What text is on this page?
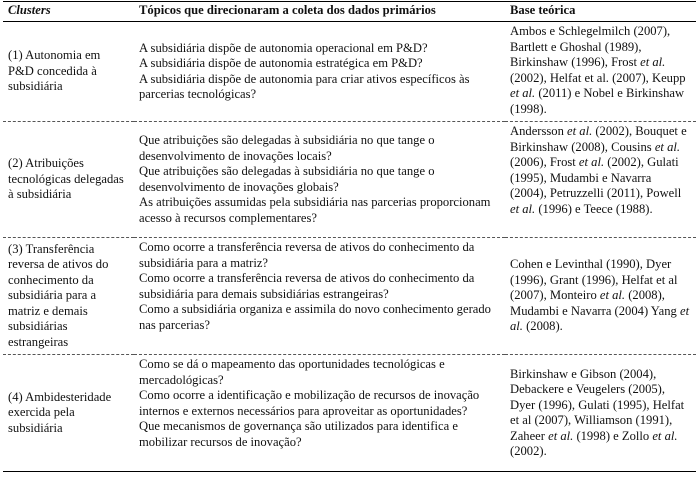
Clusters	Tópicos que direcionaram a coleta dos dados primários	Base teórica
(1) Autonomia em P&D concedida à subsidiária	A subsidiária dispõe de autonomia operacional em P&D?

A subsidiária dispõe de autonomia estratégica em P&D?

A subsidiária dispõe de autonomia para criar ativos específicos às parcerias tecnológicas?	Ambos e Schlegelmilch (2007), Bartlett e Ghoshal (1989), Birkinshaw (1996), Frost et al. (2002), Helfat et al. (2007), Keupp et al. (2011) e Nobel e Birkinshaw (1998).
(2) Atribuições tecnológicas delegadas à subsidiária	Que atribuições são delegadas à subsidiária no que tange o desenvolvimento de inovações locais?

Que atribuições são delegadas à subsidiária no que tange o desenvolvimento de inovações globais?

As atribuições assumidas pela subsidiária nas parcerias proporcionam acesso à recursos complementares?	Andersson et al. (2002), Bouquet e Birkinshaw (2008), Cousins et al. (2006), Frost et al. (2002), Gulati (1995), Mudambi e Navarra (2004), Petruzzelli (2011), Powell et al. (1996) e Teece (1988).
(3) Transferência reversa de ativos do conhecimento da subsidiária para a matriz e demais subsidiárias estrangeiras	Como ocorre a transferência reversa de ativos do conhecimento da subsidiária para a matriz?

Como ocorre a transferência reversa de ativos do conhecimento da subsidiária para demais subsidiárias estrangeiras?

Como a subsidiária organiza e assimila do novo conhecimento gerado nas parcerias?	Cohen e Levinthal (1990), Dyer (1996), Grant (1996), Helfat et al (2007), Monteiro et al. (2008), Mudambi e Navarra (2004) Yang et al. (2008).
(4) Ambidesteridade exercida pela subsidiária	Como se dá o mapeamento das oportunidades tecnológicas e mercadológicas?

Como ocorre a identificação e mobilização de recursos de inovação internos e externos necessários para aproveitar as oportunidades?

Que mecanismos de governança são utilizados para identifica e mobilizar recursos de inovação?	Birkinshaw e Gibson (2004), Debackere e Veugelers (2005), Dyer (1996), Gulati (1995), Helfat et al (2007), Williamson (1991), Zaheer et al. (1998) e Zollo et al. (2002).
